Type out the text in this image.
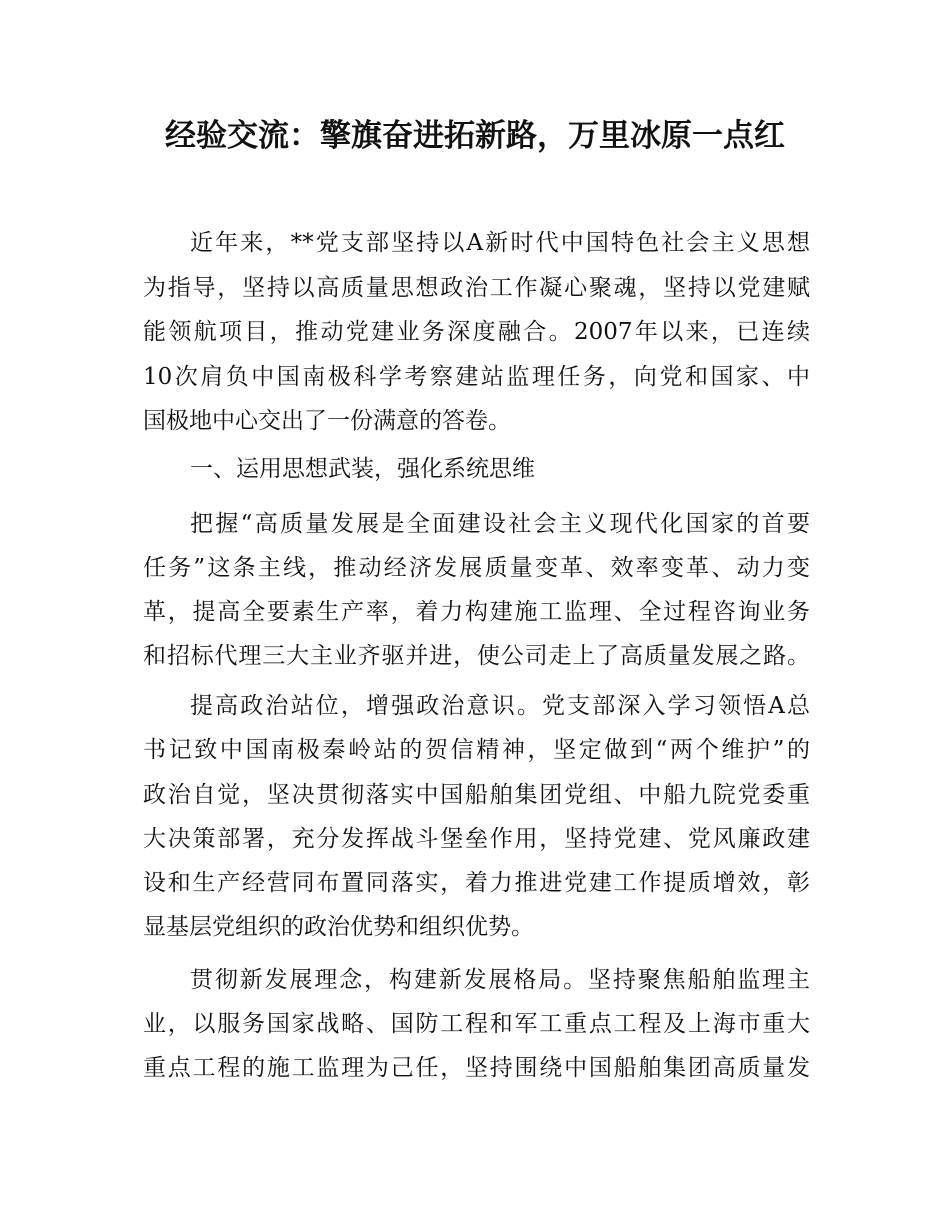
经验交流：擎旗奋进拓新路，万里冰原一点红
近年来，**党支部坚持以A新时代中国特色社会主义思想
为指导，坚持以高质量思想政治工作凝心聚魂，坚持以党建赋
能领航项目，推动党建业务深度融合。2007年以来，已连续
10次肩负中国南极科学考察建站监理任务，向党和国家、中
国极地中心交出了一份满意的答卷。
一、运用思想武装，强化系统思维
把握“高质量发展是全面建设社会主义现代化国家的首要
任务”这条主线，推动经济发展质量变革、效率变革、动力变
革，提高全要素生产率，着力构建施工监理、全过程咨询业务
和招标代理三大主业齐驱并进，使公司走上了高质量发展之路。
提高政治站位，增强政治意识。党支部深入学习领悟A总
书记致中国南极秦岭站的贺信精神，坚定做到“两个维护”的
政治自觉，坚决贯彻落实中国船舶集团党组、中船九院党委重
大决策部署，充分发挥战斗堡垒作用，坚持党建、党风廉政建
设和生产经营同布置同落实，着力推进党建工作提质增效，彰
显基层党组织的政治优势和组织优势。
贯彻新发展理念，构建新发展格局。坚持聚焦船舶监理主
业，以服务国家战略、国防工程和军工重点工程及上海市重大
重点工程的施工监理为己任，坚持围绕中国船舶集团高质量发
